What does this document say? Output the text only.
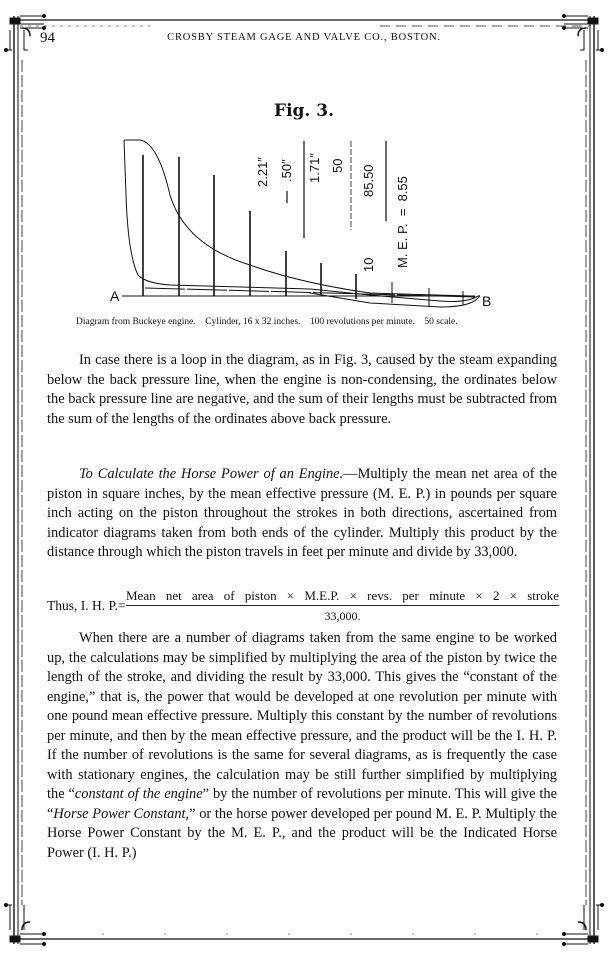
94	CROSBY STEAM GAGE AND VALVE CO., BOSTON.
Fig. 3.
A	B
2.21″ .50″ 1.71″ 50 85.50
10 M. E. P.  =  8.55
Diagram from Buckeye engine.    Cylinder, 16 x 32 inches.    100 revolutions per minute.    50 scale.

In case there is a loop in the diagram, as in Fig. 3, caused by the steam expanding below the back pressure line, when the engine is non-condensing, the ordinates below the back pressure line are negative, and the sum of their lengths must be subtracted from the sum of the lengths of the ordinates above back pressure.

To Calculate the Horse Power of an Engine.—Multiply the mean net area of the piston in square inches, by the mean effective pressure (M. E. P.) in pounds per square inch acting on the piston throughout the strokes in both directions, ascertained from indicator diagrams taken from both ends of the cylinder. Multiply this product by the distance through which the piston travels in feet per minute and divide by 33,000.

Thus, I. H. P.=
Mean net area of piston × M.E.P. × revs. per minute × 2 × stroke
33,000.

When there are a number of diagrams taken from the same engine to be worked up, the calculations may be simplified by multiplying the area of the piston by twice the length of the stroke, and dividing the result by 33,000. This gives the “constant of the engine,” that is, the power that would be developed at one revolution per minute with one pound mean effective pressure. Multiply this constant by the number of revolutions per minute, and then by the mean effective pressure, and the product will be the I. H. P. If the number of revolutions is the same for several diagrams, as is frequently the case with stationary engines, the calculation may be still further simplified by multiplying the “constant of the engine” by the number of revolutions per minute. This will give the “Horse Power Constant,” or the horse power developed per pound M. E. P. Multiply the Horse Power Constant by the M. E. P., and the product will be the Indicated Horse Power (I. H. P.)
